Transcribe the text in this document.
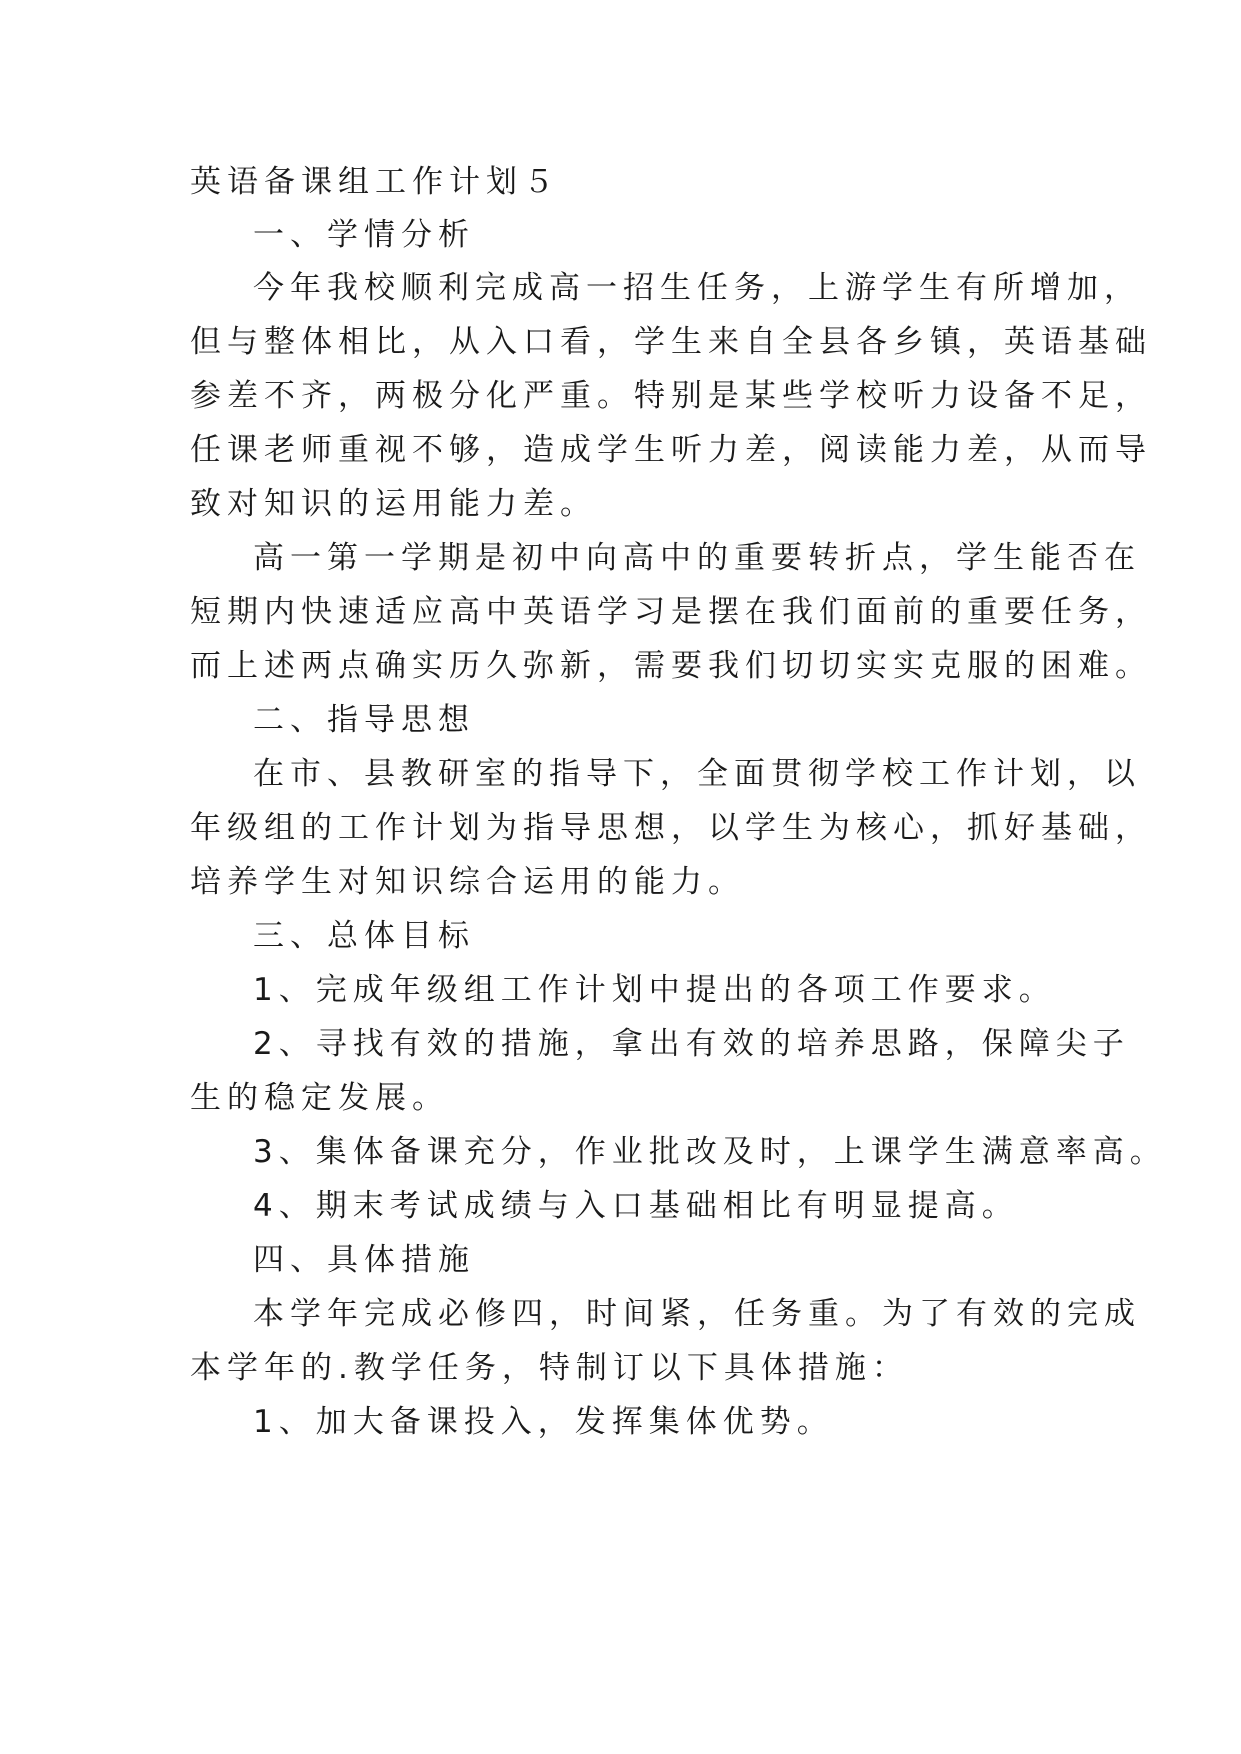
英语备课组工作计划５
一、学情分析
今年我校顺利完成高一招生任务，上游学生有所增加，
但与整体相比，从入口看，学生来自全县各乡镇，英语基础
参差不齐，两极分化严重。特别是某些学校听力设备不足，
任课老师重视不够，造成学生听力差，阅读能力差，从而导
致对知识的运用能力差。
高一第一学期是初中向高中的重要转折点，学生能否在
短期内快速适应高中英语学习是摆在我们面前的重要任务，
而上述两点确实历久弥新，需要我们切切实实克服的困难。
二、指导思想
在市、县教研室的指导下，全面贯彻学校工作计划，以
年级组的工作计划为指导思想，以学生为核心，抓好基础，
培养学生对知识综合运用的能力。
三、总体目标
1、完成年级组工作计划中提出的各项工作要求。
2、寻找有效的措施，拿出有效的培养思路，保障尖子
生的稳定发展。
3、集体备课充分，作业批改及时，上课学生满意率高。
4、期末考试成绩与入口基础相比有明显提高。
四、具体措施
本学年完成必修四，时间紧，任务重。为了有效的完成
本学年的.教学任务，特制订以下具体措施：
1、加大备课投入，发挥集体优势。
